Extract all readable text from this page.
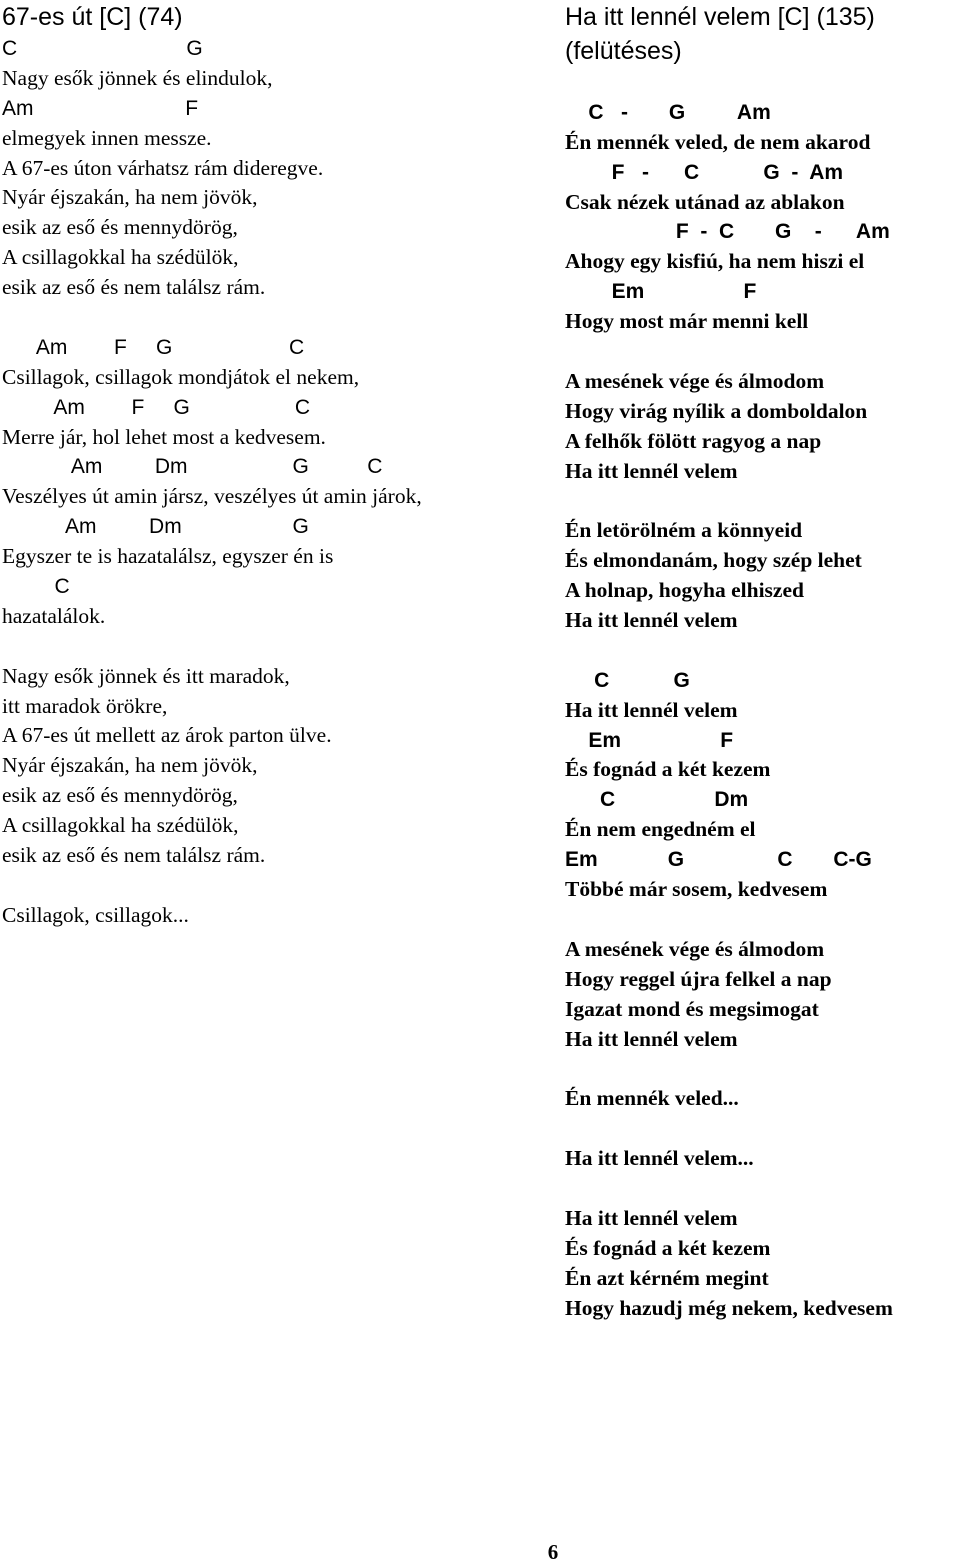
67-es út [C] (74)
C                             G
Nagy esők jönnek és elindulok,
Am                          F
elmegyek innen messze.
A 67-es úton várhatsz rám dideregve.
Nyár éjszakán, ha nem jövök,
esik az eső és mennydörög,
A csillagokkal ha szédülök,
esik az eső és nem találsz rám.
Am        F     G                    C
Csillagok, csillagok mondjátok el nekem,
Am        F     G                  C
Merre jár, hol lehet most a kedvesem.
Am         Dm                  G          C
Veszélyes út amin jársz, veszélyes út amin járok,
Am         Dm                   G
Egyszer te is hazatalálsz, egyszer én is
C
hazatalálok.
Nagy esők jönnek és itt maradok,
itt maradok örökre,
A 67-es út mellett az árok parton ülve.
Nyár éjszakán, ha nem jövök,
esik az eső és mennydörög,
A csillagokkal ha szédülök,
esik az eső és nem találsz rám.
Csillagok, csillagok...
Ha itt lennél velem [C] (135)
(felütéses)
C   -       G         Am
Én mennék veled, de nem akarod
F   -      C           G  -  Am
Csak nézek utánad az ablakon
F  -  C       G    -      Am
Ahogy egy kisfiú, ha nem hiszi el
Em                 F
Hogy most már menni kell
A mesének vége és álmodom
Hogy virág nyílik a domboldalon
A felhők fölött ragyog a nap
Ha itt lennél velem
Én letörölném a könnyeid
És elmondanám, hogy szép lehet
A holnap, hogyha elhiszed
Ha itt lennél velem
C           G
Ha itt lennél velem
Em                 F
És fognád a két kezem
C                 Dm
Én nem engedném el
Em            G                C       C-G
Többé már sosem, kedvesem
A mesének vége és álmodom
Hogy reggel újra felkel a nap
Igazat mond és megsimogat
Ha itt lennél velem
Én mennék veled...
Ha itt lennél velem...
Ha itt lennél velem
És fognád a két kezem
Én azt kérném megint
Hogy hazudj még nekem, kedvesem
6
